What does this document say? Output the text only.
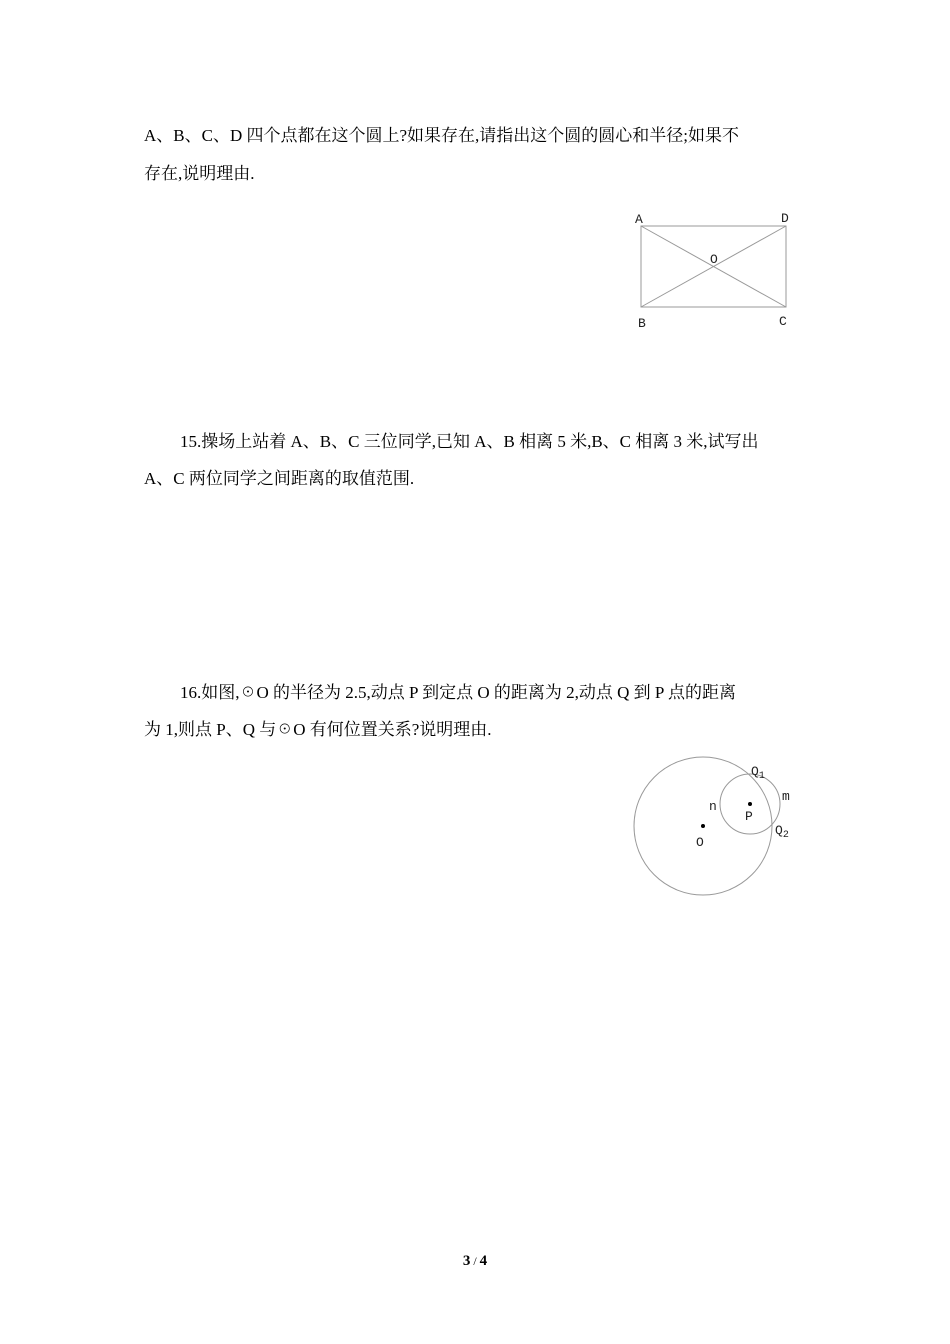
A、B、C、D 四个点都在这个圆上?如果存在,请指出这个圆的圆心和半径;如果不

存在,说明理由.

A	D
O
B	C

15.操场上站着 A、B、C 三位同学,已知 A、B 相离 5 米,B、C 相离 3 米,试写出

A、C 两位同学之间距离的取值范围.

16.如图,☉O 的半径为 2.5,动点 P 到定点 O 的距离为 2,动点 Q 到 P 点的距离

为 1,则点 P、Q 与☉O 有何位置关系?说明理由.

O
P
n
m
$Q_1$
$Q_2$
3 / 4
